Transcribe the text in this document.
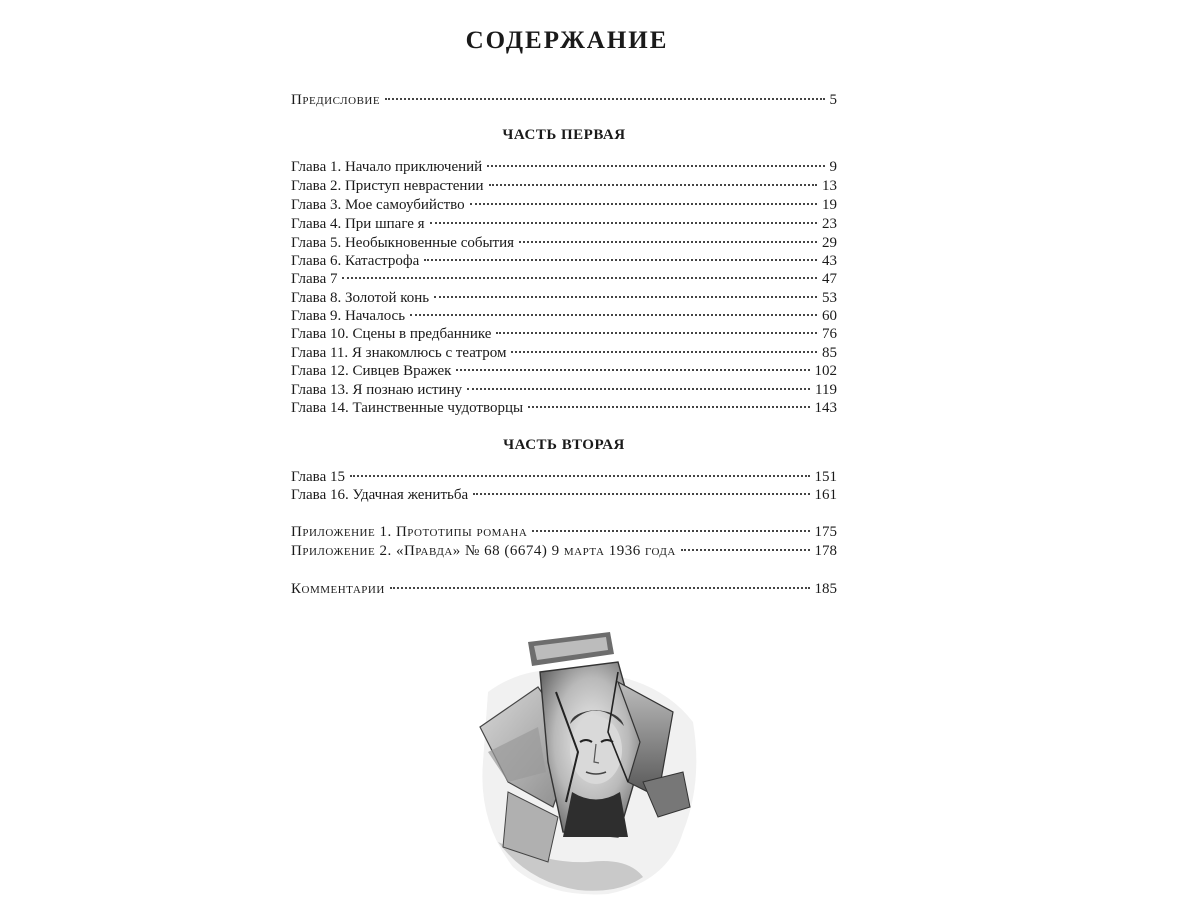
СОДЕРЖАНИЕ
Предисловие	5
ЧАСТЬ ПЕРВАЯ
Глава 1. Начало приключений	9
Глава 2. Приступ неврастении	13
Глава 3. Мое самоубийство	19
Глава 4. При шпаге я	23
Глава 5. Необыкновенные события	29
Глава 6. Катастрофа	43
Глава 7	47
Глава 8. Золотой конь	53
Глава 9. Началось	60
Глава 10. Сцены в предбаннике	76
Глава 11. Я знакомлюсь с театром	85
Глава 12. Сивцев Вражек	102
Глава 13. Я познаю истину	119
Глава 14. Таинственные чудотворцы	143
ЧАСТЬ ВТОРАЯ
Глава 15	151
Глава 16. Удачная женитьба	161
Приложение 1. Прототипы романа	175
Приложение 2. «Правда» № 68 (6674) 9 марта 1936 года	178
Комментарии	185
